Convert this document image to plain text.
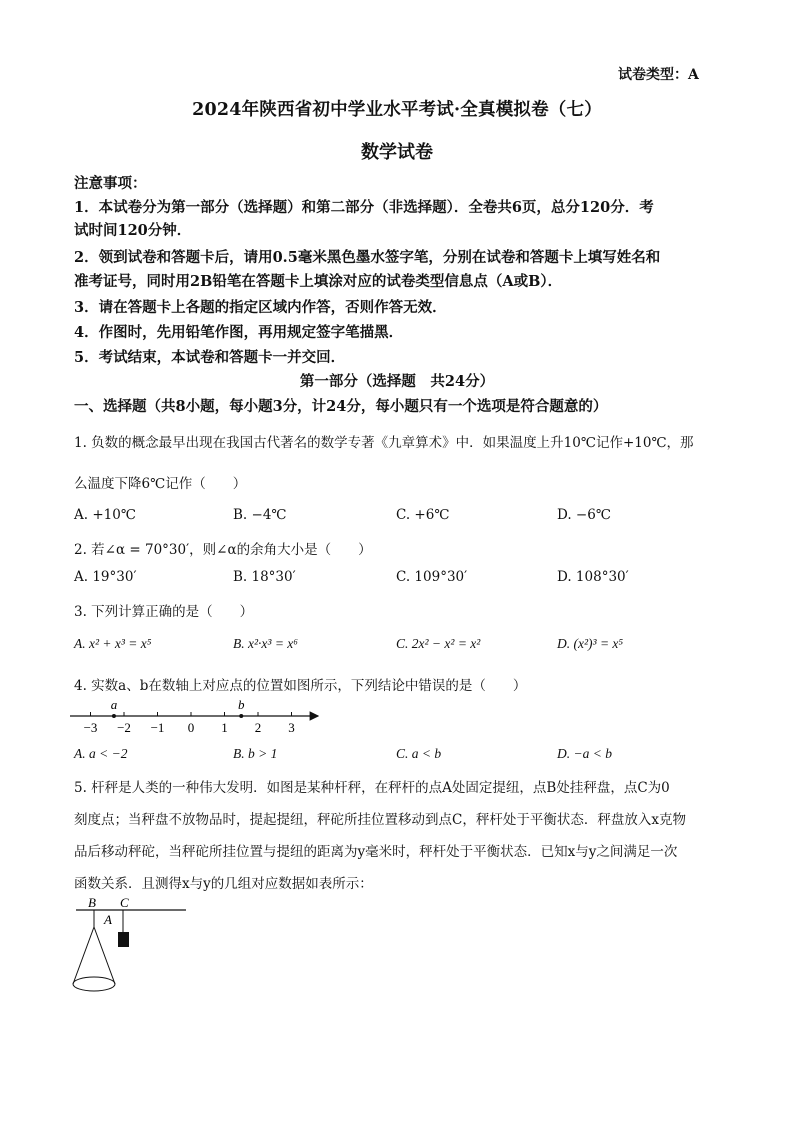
试卷类型：A
2024年陕西省初中学业水平考试·全真模拟卷（七）
数学试卷
注意事项：
1．本试卷分为第一部分（选择题）和第二部分（非选择题）．全卷共6页，总分120分．考
试时间120分钟．
2．领到试卷和答题卡后，请用0.5毫米黑色墨水签字笔，分别在试卷和答题卡上填写姓名和
准考证号，同时用2B铅笔在答题卡上填涂对应的试卷类型信息点（A或B）．
3．请在答题卡上各题的指定区域内作答，否则作答无效．
4．作图时，先用铅笔作图，再用规定签字笔描黑．
5．考试结束，本试卷和答题卡一并交回．
第一部分（选择题　共24分）
一、选择题（共8小题，每小题3分，计24分，每小题只有一个选项是符合题意的）
1. 负数的概念最早出现在我国古代著名的数学专著《九章算术》中．如果温度上升10℃记作+10℃，那
么温度下降6℃记作（　　）
A. +10℃	B. −4℃	C. +6℃	D. −6℃
2. 若∠α = 70°30′，则∠α的余角大小是（　　）
A. 19°30′	B. 18°30′	C. 109°30′	D. 108°30′
3. 下列计算正确的是（　　）
A. x² + x³ = x⁵	B. x²·x³ = x⁶	C. 2x² − x² = x²	D. (x²)³ = x⁵
4. 实数a、b在数轴上对应点的位置如图所示，下列结论中错误的是（　　）
−3 −2 −1 0 1 2 3
a	b
A. a < −2	B. b > 1	C. a < b	D. −a < b
5. 杆秤是人类的一种伟大发明．如图是某种杆秤，在秤杆的点A处固定提纽，点B处挂秤盘，点C为0
刻度点；当秤盘不放物品时，提起提纽，秤砣所挂位置移动到点C，秤杆处于平衡状态．秤盘放入x克物
品后移动秤砣，当秤砣所挂位置与提纽的距离为y毫米时，秤杆处于平衡状态．已知x与y之间满足一次
函数关系．且测得x与y的几组对应数据如表所示：
B C
A
